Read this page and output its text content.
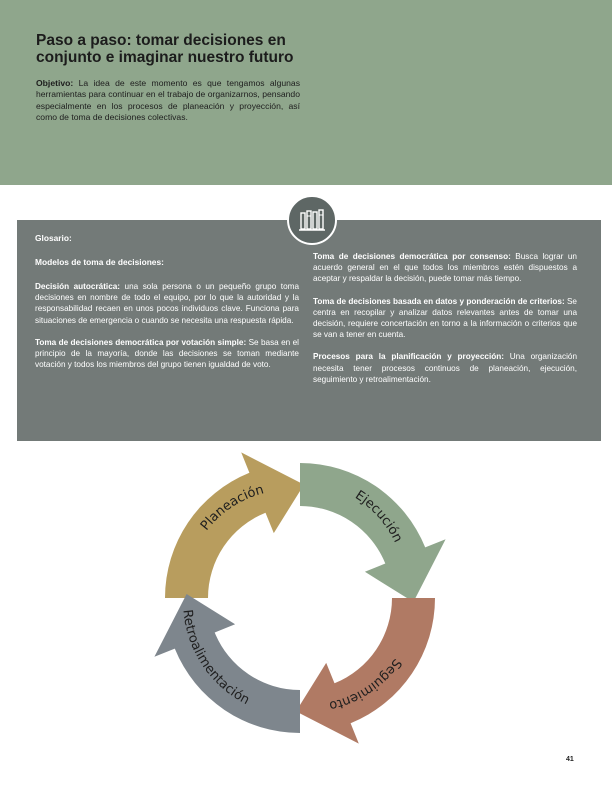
Paso a paso: tomar decisiones en conjunto e imaginar nuestro futuro

Objetivo: La idea de este momento es que tengamos algunas herramientas para continuar en el trabajo de organizarnos, pensando especialmente en los procesos de planeación y proyección, así como de toma de decisiones colectivas.

Glosario:

Modelos de toma de decisiones:

Decisión autocrática: una sola persona o un pequeño grupo toma decisiones en nombre de todo el equipo, por lo que la autoridad y la responsabilidad recaen en unos pocos individuos clave. Funciona para situaciones de emergencia o cuando se necesita una respuesta rápida.

Toma de decisiones democrática por votación simple: Se basa en el principio de la mayoría, donde las decisiones se toman mediante votación y todos los miembros del grupo tienen igualdad de voto.

Toma de decisiones democrática por consenso: Busca lograr un acuerdo general en el que todos los miembros estén dispuestos a aceptar y respaldar la decisión, puede tomar más tiempo.

Toma de decisiones basada en datos y ponderación de criterios: Se centra en recopilar y analizar datos relevantes antes de tomar una decisión, requiere concertación en torno a la información o criterios que se van a tener en cuenta.

Procesos para la planificación y proyección: Una organización necesita tener procesos continuos de planeación, ejecución, seguimiento y retroalimentación.

Planeación	Ejecución
Seguimiento
Retroalimentación
41
